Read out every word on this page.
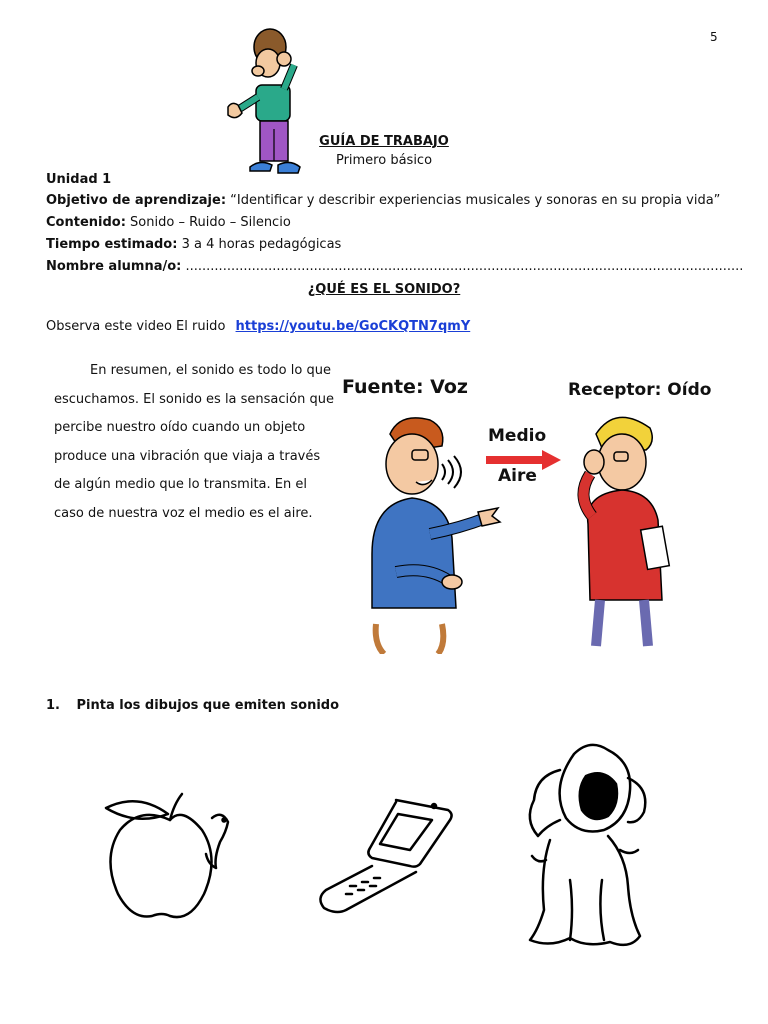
5
GUÍA DE TRABAJO
Primero básico
Unidad 1
Objetivo de aprendizaje: “Identificar y describir experiencias musicales y sonoras en su propia vida”
Contenido: Sonido – Ruido – Silencio
Tiempo estimado: 3 a 4 horas pedagógicas
Nombre alumna/o: .......................................................................................................................................
¿QUÉ ES EL SONIDO?
Observa este video El ruido https://youtu.be/GoCKQTN7qmY
En resumen, el sonido es todo lo que escuchamos. El sonido es la sensación que percibe nuestro oído cuando un objeto produce una vibración que viaja a través de algún medio que lo transmita. En el caso de nuestra voz el medio es el aire.
Fuente: Voz	Receptor: Oído
Medio
Aire
1. Pinta los dibujos que emiten sonido
